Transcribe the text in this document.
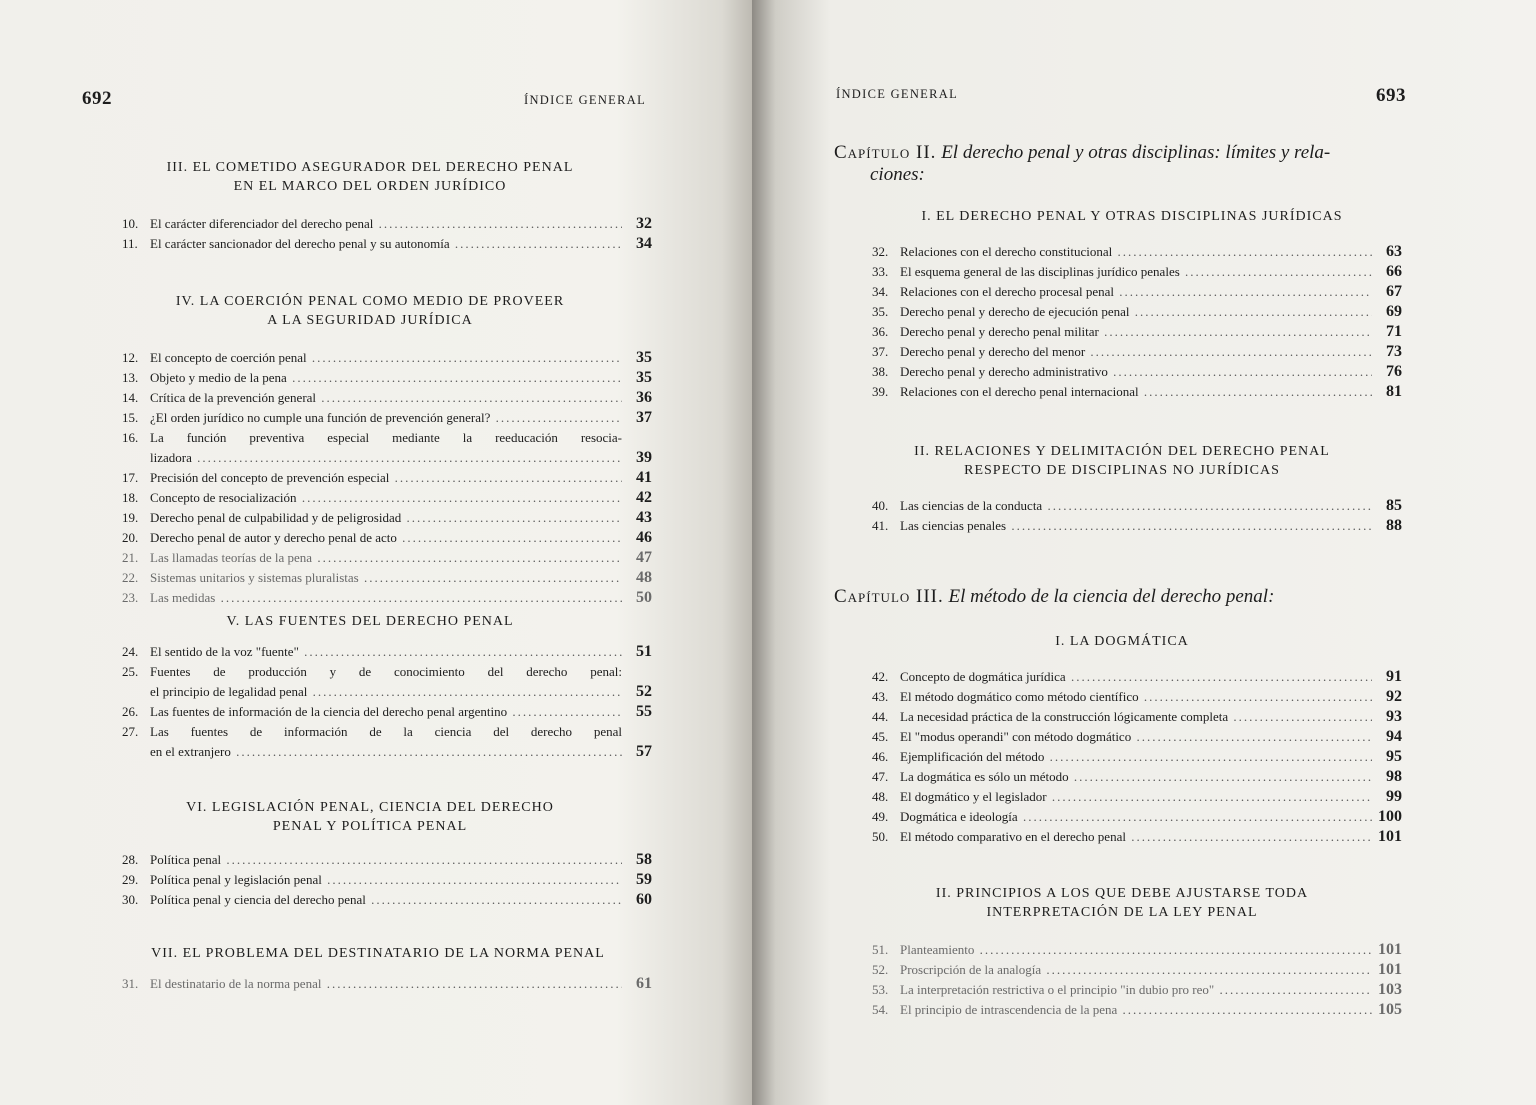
692	ÍNDICE GENERAL
III. EL COMETIDO ASEGURADOR DEL DERECHO PENAL
EN EL MARCO DEL ORDEN JURÍDICO
10. El carácter diferenciador del derecho penal .....	32
11. El carácter sancionador del derecho penal y su autonomía .....	34
IV. LA COERCIÓN PENAL COMO MEDIO DE PROVEER
A LA SEGURIDAD JURÍDICA
12. El concepto de coerción penal .....	35
13. Objeto y medio de la pena .....	35
14. Crítica de la prevención general .....	36
15. ¿El orden jurídico no cumple una función de prevención general? .....	37
16. La función preventiva especial mediante la reeducación resocia-
lizadora .....	39
17. Precisión del concepto de prevención especial .....	41
18. Concepto de resocialización .....	42
19. Derecho penal de culpabilidad y de peligrosidad .....	43
20. Derecho penal de autor y derecho penal de acto .....	46
21. Las llamadas teorías de la pena .....	47
22. Sistemas unitarios y sistemas pluralistas .....	48
23. Las medidas .....	50
V. LAS FUENTES DEL DERECHO PENAL
24. El sentido de la voz "fuente" .....	51
25. Fuentes de producción y de conocimiento del derecho penal:
el principio de legalidad penal .....	52
26. Las fuentes de información de la ciencia del derecho penal argentino .....	55
27. Las fuentes de información de la ciencia del derecho penal
en el extranjero .....	57
VI. LEGISLACIÓN PENAL, CIENCIA DEL DERECHO
PENAL Y POLÍTICA PENAL
28. Política penal .....	58
29. Política penal y legislación penal .....	59
30. Política penal y ciencia del derecho penal .....	60
VII. EL PROBLEMA DEL DESTINATARIO DE LA NORMA PENAL
31. El destinatario de la norma penal .....	61
ÍNDICE GENERAL	693
Capítulo II. El derecho penal y otras disciplinas: límites y rela-
ciones:
I. EL DERECHO PENAL Y OTRAS DISCIPLINAS JURÍDICAS
32. Relaciones con el derecho constitucional .....	63
33. El esquema general de las disciplinas jurídico penales .....	66
34. Relaciones con el derecho procesal penal .....	67
35. Derecho penal y derecho de ejecución penal .....	69
36. Derecho penal y derecho penal militar .....	71
37. Derecho penal y derecho del menor .....	73
38. Derecho penal y derecho administrativo .....	76
39. Relaciones con el derecho penal internacional .....	81
II. RELACIONES Y DELIMITACIÓN DEL DERECHO PENAL
RESPECTO DE DISCIPLINAS NO JURÍDICAS
40. Las ciencias de la conducta .....	85
41. Las ciencias penales .....	88
Capítulo III. El método de la ciencia del derecho penal:
I. LA DOGMÁTICA
42. Concepto de dogmática jurídica .....	91
43. El método dogmático como método científico .....	92
44. La necesidad práctica de la construcción lógicamente completa .....	93
45. El "modus operandi" con método dogmático .....	94
46. Ejemplificación del método .....	95
47. La dogmática es sólo un método .....	98
48. El dogmático y el legislador .....	99
49. Dogmática e ideología .....	100
50. El método comparativo en el derecho penal .....	101
II. PRINCIPIOS A LOS QUE DEBE AJUSTARSE TODA
INTERPRETACIÓN DE LA LEY PENAL
51. Planteamiento .....	101
52. Proscripción de la analogía .....	101
53. La interpretación restrictiva o el principio "in dubio pro reo" .....	103
54. El principio de intrascendencia de la pena .....	105
